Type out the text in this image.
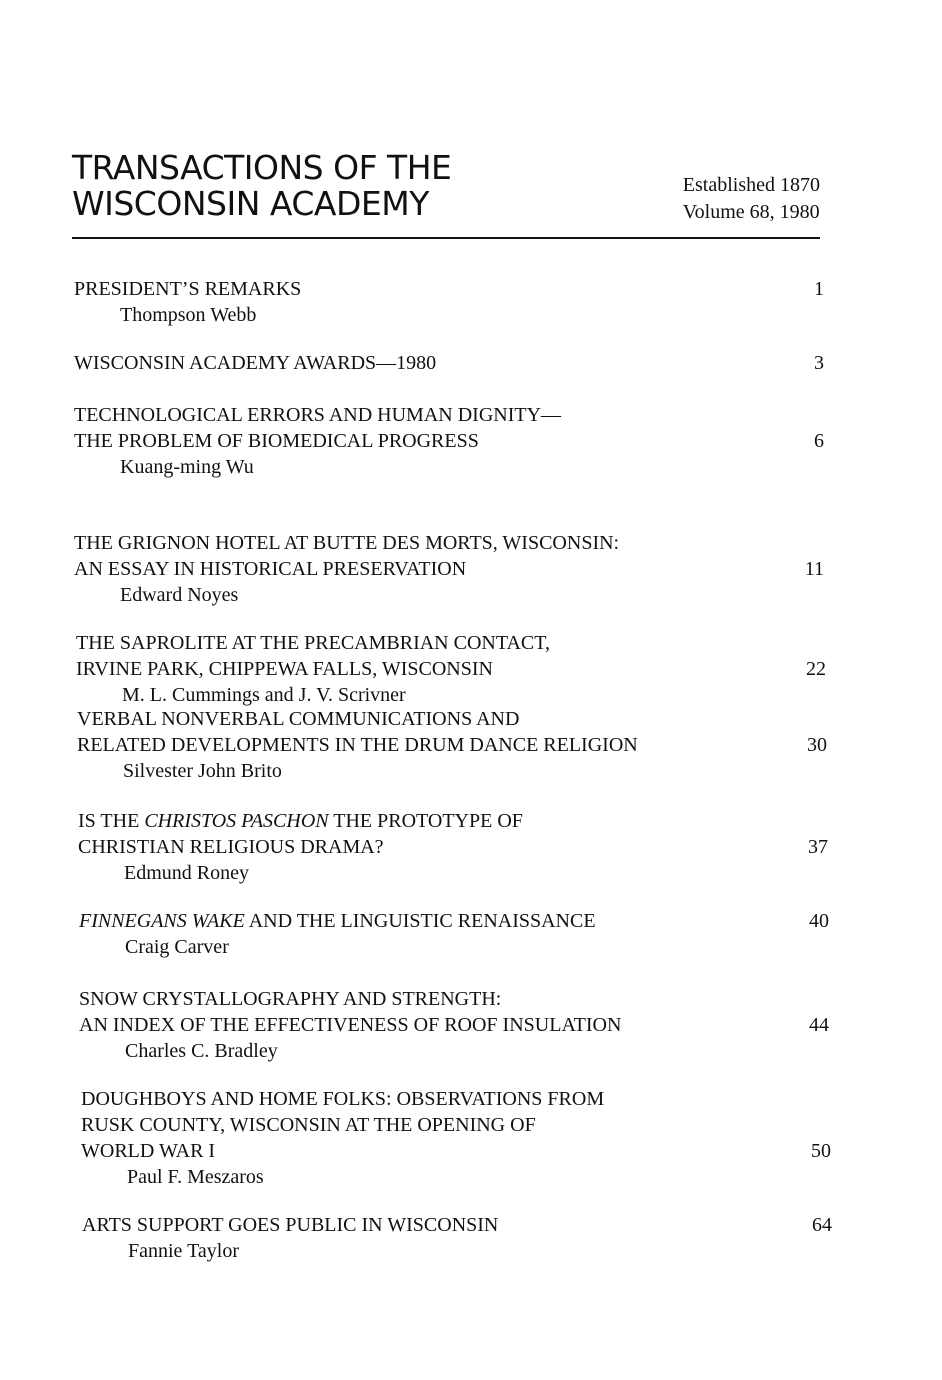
TRANSACTIONS OF THE
WISCONSIN ACADEMY	Established 1870
Volume 68, 1980
PRESIDENT’S REMARKS	1
Thompson Webb
WISCONSIN ACADEMY AWARDS—1980	3
TECHNOLOGICAL ERRORS AND HUMAN DIGNITY—
THE PROBLEM OF BIOMEDICAL PROGRESS	6
Kuang-ming Wu
THE GRIGNON HOTEL AT BUTTE DES MORTS, WISCONSIN:
AN ESSAY IN HISTORICAL PRESERVATION	11
Edward Noyes
THE SAPROLITE AT THE PRECAMBRIAN CONTACT,
IRVINE PARK, CHIPPEWA FALLS, WISCONSIN	22
M. L. Cummings and J. V. Scrivner
VERBAL NONVERBAL COMMUNICATIONS AND
RELATED DEVELOPMENTS IN THE DRUM DANCE RELIGION	30
Silvester John Brito
IS THE CHRISTOS PASCHON THE PROTOTYPE OF
CHRISTIAN RELIGIOUS DRAMA?	37
Edmund Roney
FINNEGANS WAKE AND THE LINGUISTIC RENAISSANCE	40
Craig Carver
SNOW CRYSTALLOGRAPHY AND STRENGTH:
AN INDEX OF THE EFFECTIVENESS OF ROOF INSULATION	44
Charles C. Bradley
DOUGHBOYS AND HOME FOLKS: OBSERVATIONS FROM
RUSK COUNTY, WISCONSIN AT THE OPENING OF
WORLD WAR I	50
Paul F. Meszaros
ARTS SUPPORT GOES PUBLIC IN WISCONSIN	64
Fannie Taylor
